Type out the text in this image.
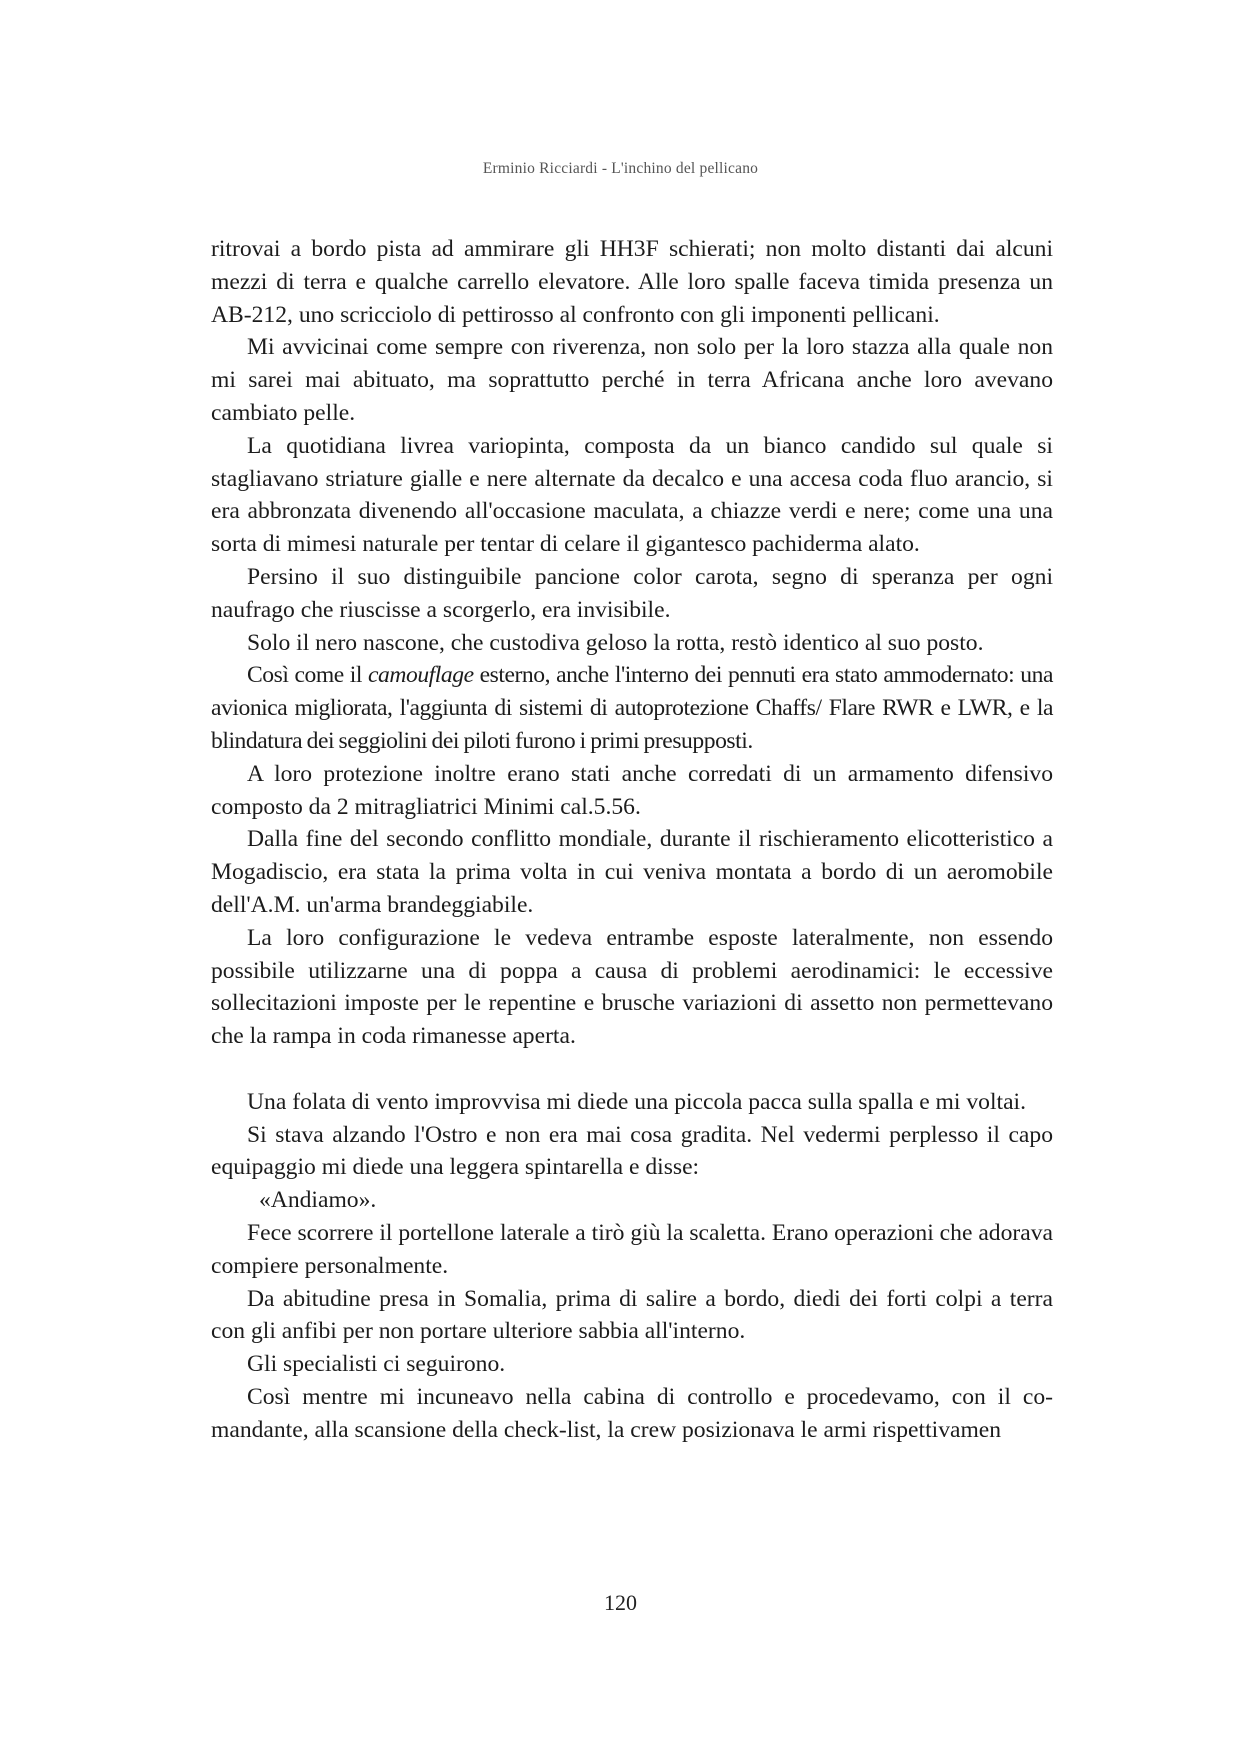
Erminio Ricciardi - L'inchino del pellicano

ritrovai a bordo pista ad ammirare gli HH3F schierati; non molto distanti dai alcuni mezzi di terra e qualche carrello elevatore. Alle loro spalle faceva timida presenza un AB-212, uno scricciolo di pettirosso al confronto con gli imponenti pellicani.

Mi avvicinai come sempre con riverenza, non solo per la loro stazza alla quale non mi sarei mai abituato, ma soprattutto perché in terra Africana anche loro avevano cambiato pelle.

La quotidiana livrea variopinta, composta da un bianco candido sul quale si stagliavano striature gialle e nere alternate da decalco e una accesa coda fluo arancio, si era abbronzata divenendo all'occasione maculata, a chiazze verdi e nere; come una una sorta di mimesi naturale per tentar di celare il gigantesco pachiderma alato.

Persino il suo distinguibile pancione color carota, segno di speranza per ogni naufrago che riuscisse a scorgerlo, era invisibile.

Solo il nero nascone, che custodiva geloso la rotta, restò identico al suo posto.

Così come il camouflage esterno, anche l'interno dei pennuti era stato ammodernato: una avionica migliorata, l'aggiunta di sistemi di autoprotezione Chaffs/ Flare RWR e LWR, e la blindatura dei seggiolini dei piloti furono i primi presupposti.

A loro protezione inoltre erano stati anche corredati di un armamento difensivo composto da 2 mitragliatrici Minimi cal.5.56.

Dalla fine del secondo conflitto mondiale, durante il rischieramento elicotteristico a Mogadiscio, era stata la prima volta in cui veniva montata a bordo di un aeromobile dell'A.M. un'arma brandeggiabile.

La loro configurazione le vedeva entrambe esposte lateralmente, non essendo possibile utilizzarne una di poppa a causa di problemi aerodinamici: le eccessive sollecitazioni imposte per le repentine e brusche variazioni di assetto non permettevano che la rampa in coda rimanesse aperta.

Una folata di vento improvvisa mi diede una piccola pacca sulla spalla e mi voltai.

Si stava alzando l'Ostro e non era mai cosa gradita. Nel vedermi perplesso il capo equipaggio mi diede una leggera spintarella e disse:

«Andiamo».

Fece scorrere il portellone laterale a tirò giù la scaletta. Erano operazioni che adorava compiere personalmente.

Da abitudine presa in Somalia, prima di salire a bordo, diedi dei forti colpi a terra con gli anfibi per non portare ulteriore sabbia all'interno.

Gli specialisti ci seguirono.

Così mentre mi incuneavo nella cabina di controllo e procedevamo, con il comandante, alla scansione della check-list, la crew posizionava le armi rispettivamen

120
